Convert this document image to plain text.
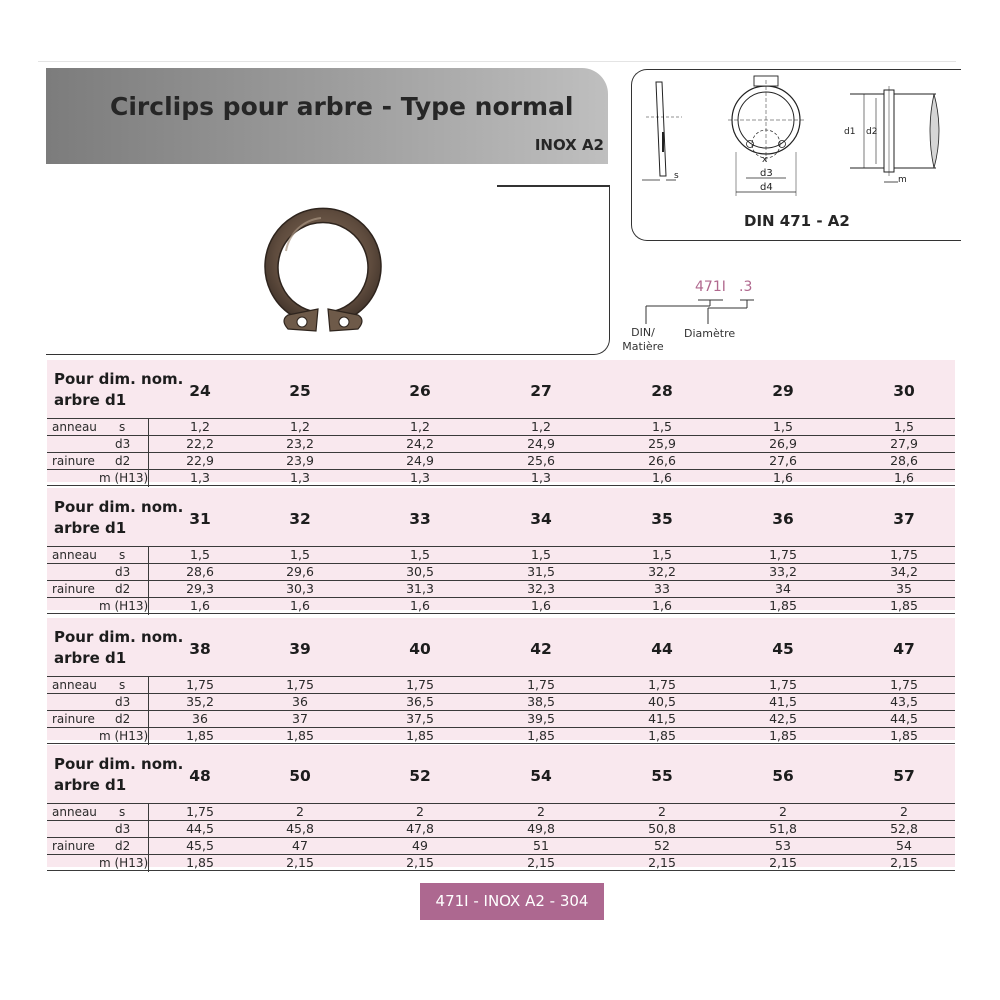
Circlips pour arbre - Type normal
INOX A2
s
x
d3
d4
d1 d2
m
DIN 471 - A2
471I .3
DIN/
Matière
Diamètre
Pour dim. nom.
arbre d1	24	25	26	27	28	29	30
anneau s	1,2	1,2	1,2	1,2	1,5	1,5	1,5
d3	22,2	23,2	24,2	24,9	25,9	26,9	27,9
rainure d2	22,9	23,9	24,9	25,6	26,6	27,6	28,6
m (H13)	1,3	1,3	1,3	1,3	1,6	1,6	1,6
Pour dim. nom.
arbre d1	31	32	33	34	35	36	37
anneau s	1,5	1,5	1,5	1,5	1,5	1,75	1,75
d3	28,6	29,6	30,5	31,5	32,2	33,2	34,2
rainure d2	29,3	30,3	31,3	32,3	33	34	35
m (H13)	1,6	1,6	1,6	1,6	1,6	1,85	1,85
Pour dim. nom.
arbre d1	38	39	40	42	44	45	47
anneau s	1,75	1,75	1,75	1,75	1,75	1,75	1,75
d3	35,2	36	36,5	38,5	40,5	41,5	43,5
rainure d2	36	37	37,5	39,5	41,5	42,5	44,5
m (H13)	1,85	1,85	1,85	1,85	1,85	1,85	1,85
Pour dim. nom.
arbre d1	48	50	52	54	55	56	57
anneau s	1,75	2	2	2	2	2	2
d3	44,5	45,8	47,8	49,8	50,8	51,8	52,8
rainure d2	45,5	47	49	51	52	53	54
m (H13)	1,85	2,15	2,15	2,15	2,15	2,15	2,15
471I - INOX A2 - 304
